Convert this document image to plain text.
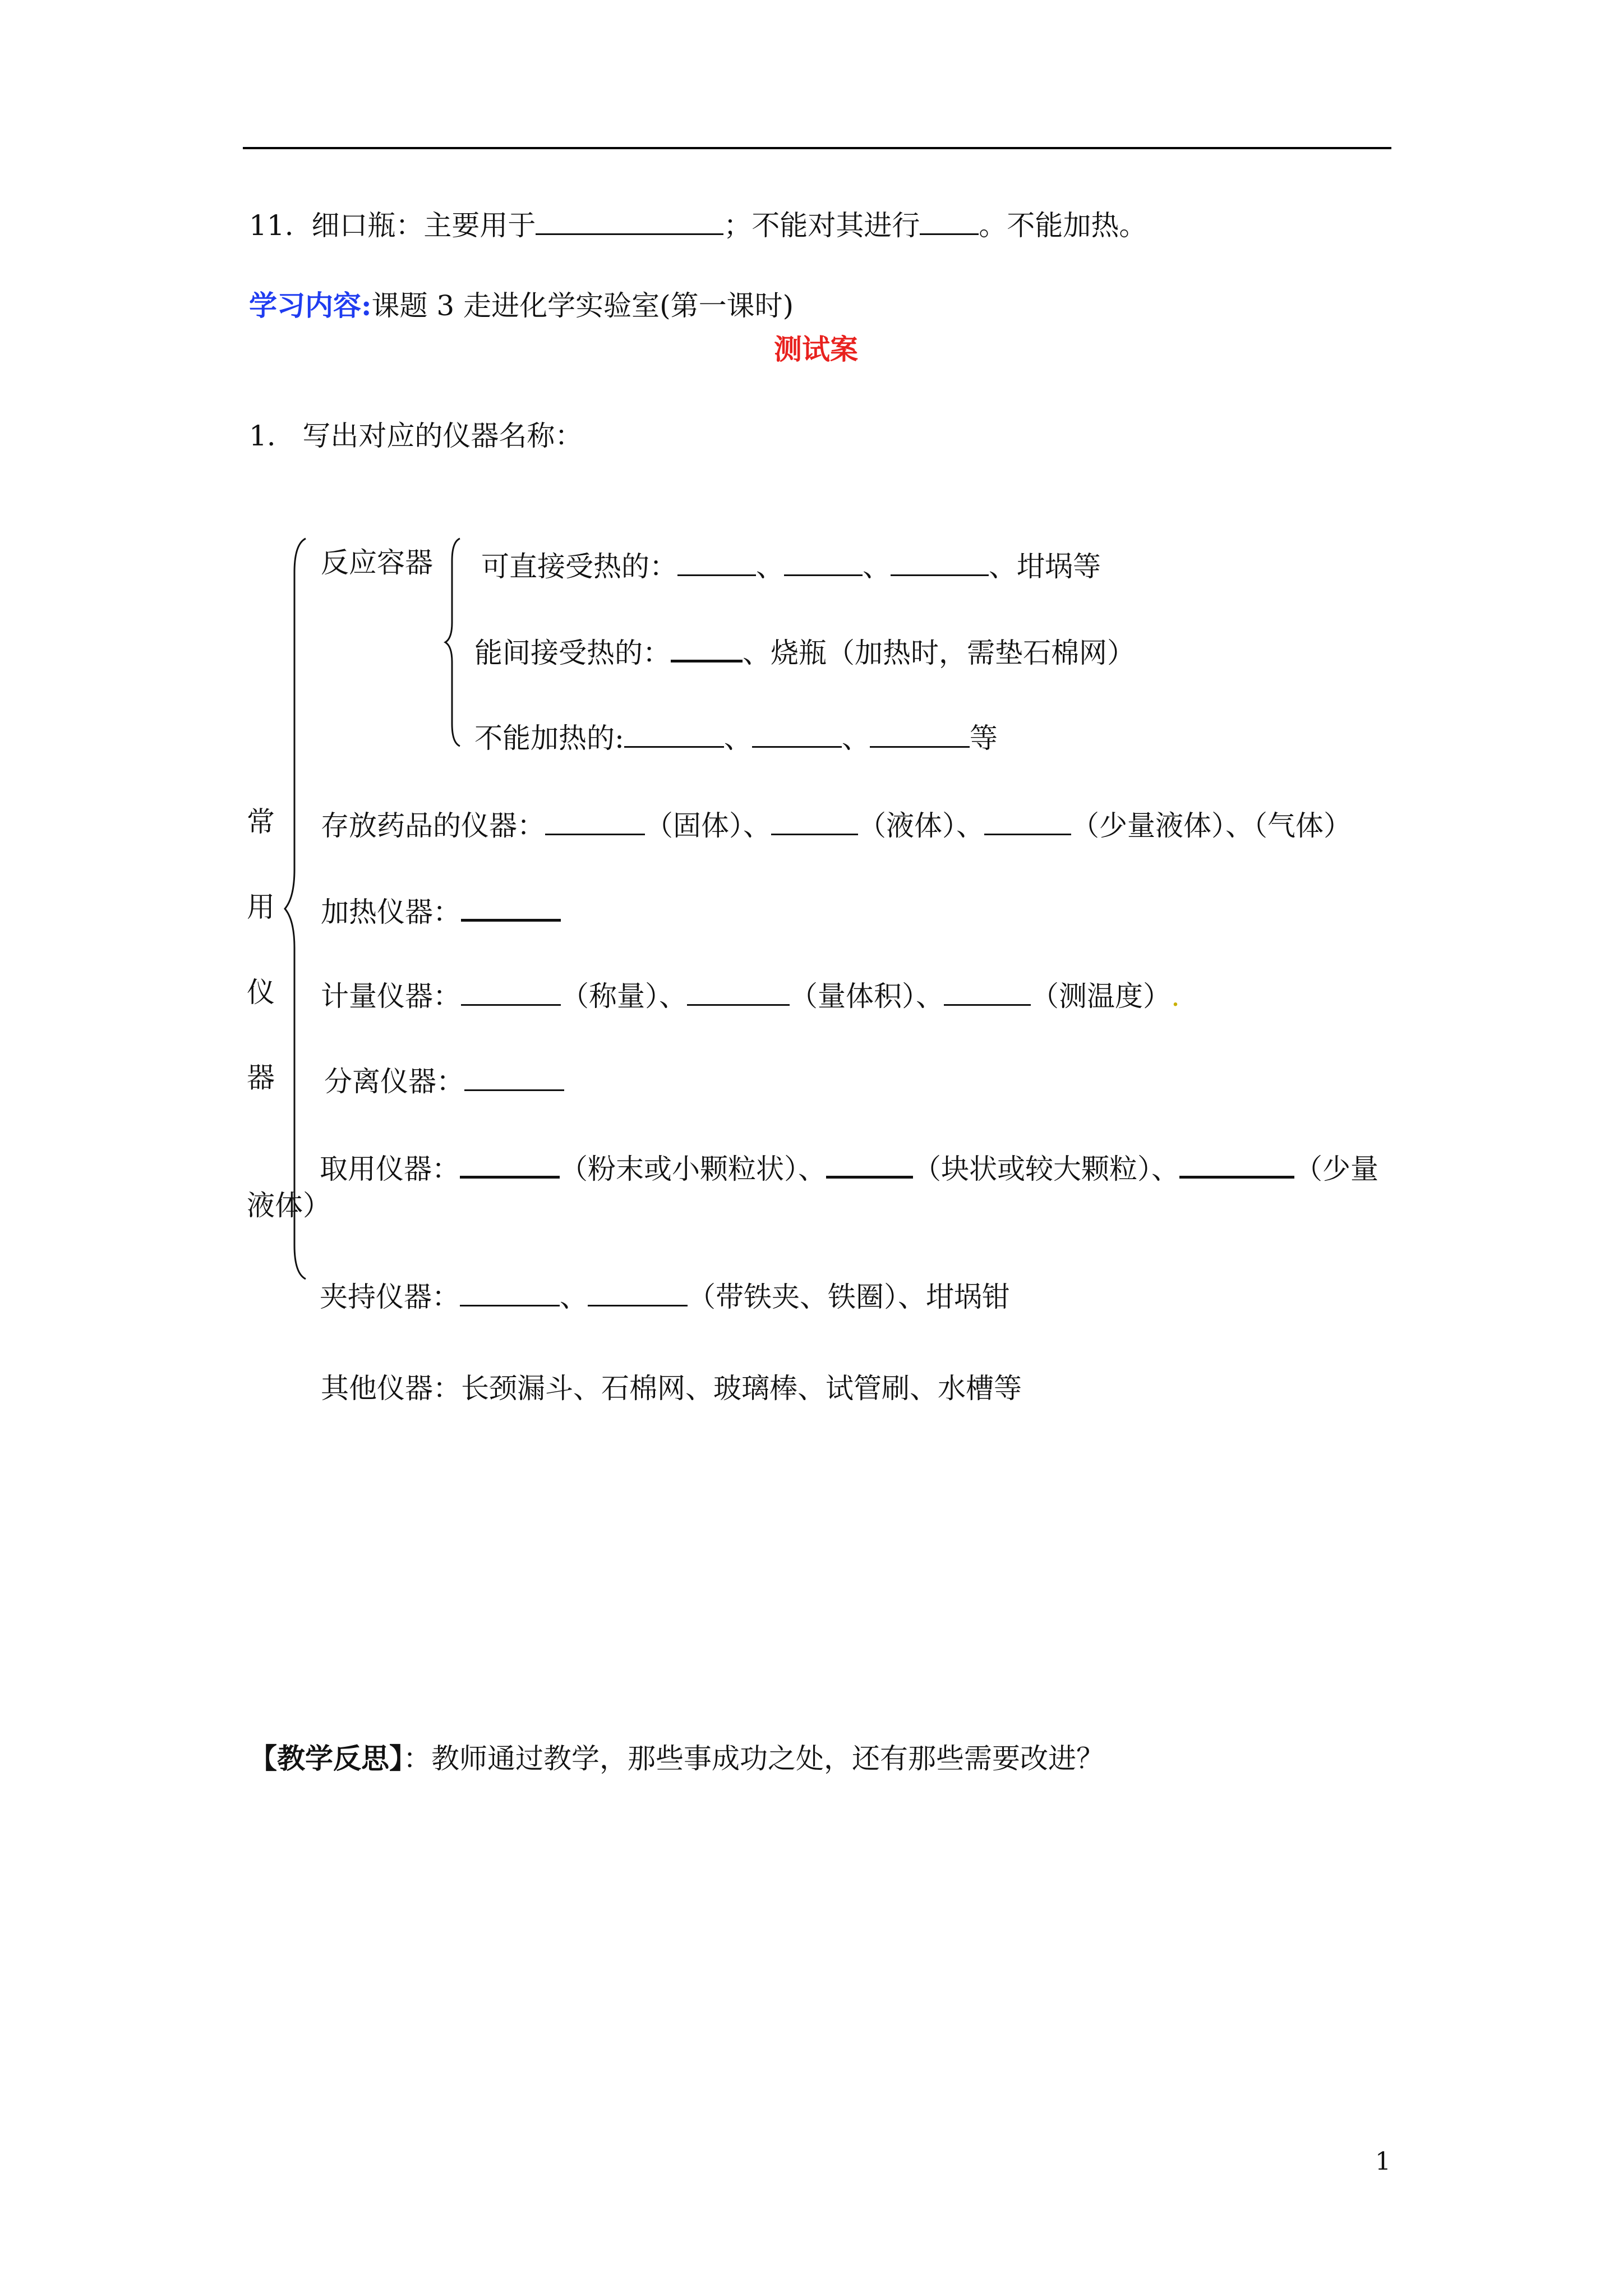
11. 细口瓶：主要用于	；不能对其进行 。不能加热。
学习内容:课题 3 走进化学实验室(第一课时)
测试案
1. 写出对应的仪器名称：
常
用
仪
器
反应容器 可直接受热的：	、	、	、坩埚等
能间接受热的：	、烧瓶（加热时，需垫石棉网）
不能加热的:	、	、	等
存放药品的仪器：	（固体）、	（液体）、	（少量液体）、（气体）
加热仪器：
计量仪器：	（称量）、	（量体积）、	（测温度）.
分离仪器：
取用仪器：	（粉末或小颗粒状）、	（块状或较大颗粒）、	（少量
液体）
夹持仪器：	、	（带铁夹、铁圈）、坩埚钳
其他仪器：长颈漏斗、石棉网、玻璃棒、试管刷、水槽等
【教学反思】：教师通过教学，那些事成功之处，还有那些需要改进？
1
